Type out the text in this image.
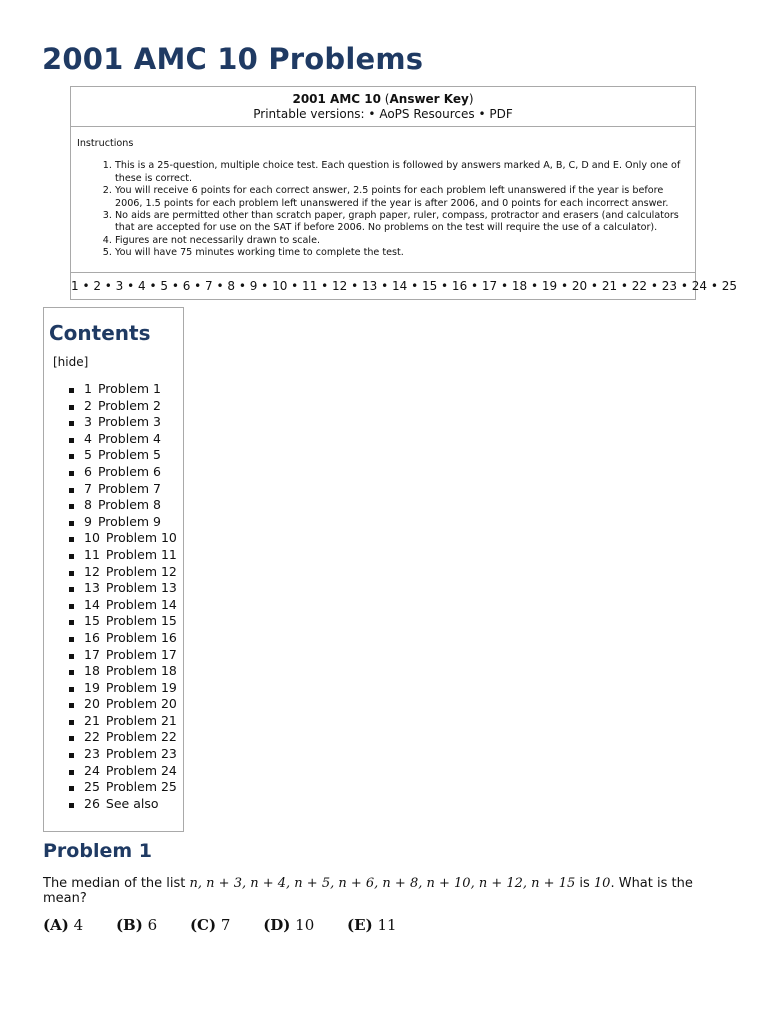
2001 AMC 10 Problems
2001 AMC 10 (Answer Key)
Printable versions: • AoPS Resources • PDF
Instructions
1. This is a 25-question, multiple choice test. Each question is followed by answers marked A, B, C, D and E. Only one of these is correct.
2. You will receive 6 points for each correct answer, 2.5 points for each problem left unanswered if the year is before 2006, 1.5 points for each problem left unanswered if the year is after 2006, and 0 points for each incorrect answer.
3. No aids are permitted other than scratch paper, graph paper, ruler, compass, protractor and erasers (and calculators that are accepted for use on the SAT if before 2006. No problems on the test will require the use of a calculator).
4. Figures are not necessarily drawn to scale.
5. You will have 75 minutes working time to complete the test.
1 • 2 • 3 • 4 • 5 • 6 • 7 • 8 • 9 • 10 • 11 • 12 • 13 • 14 • 15 • 16 • 17 • 18 • 19 • 20 • 21 • 22 • 23 • 24 • 25
Contents
[hide]
1 Problem 1
2 Problem 2
3 Problem 3
4 Problem 4
5 Problem 5
6 Problem 6
7 Problem 7
8 Problem 8
9 Problem 9
10 Problem 10
11 Problem 11
12 Problem 12
13 Problem 13
14 Problem 14
15 Problem 15
16 Problem 16
17 Problem 17
18 Problem 18
19 Problem 19
20 Problem 20
21 Problem 21
22 Problem 22
23 Problem 23
24 Problem 24
25 Problem 25
26 See also
Problem 1
The median of the list n, n + 3, n + 4, n + 5, n + 6, n + 8, n + 10, n + 12, n + 15 is 10. What is the mean?
(A) 4 (B) 6 (C) 7 (D) 10 (E) 11
